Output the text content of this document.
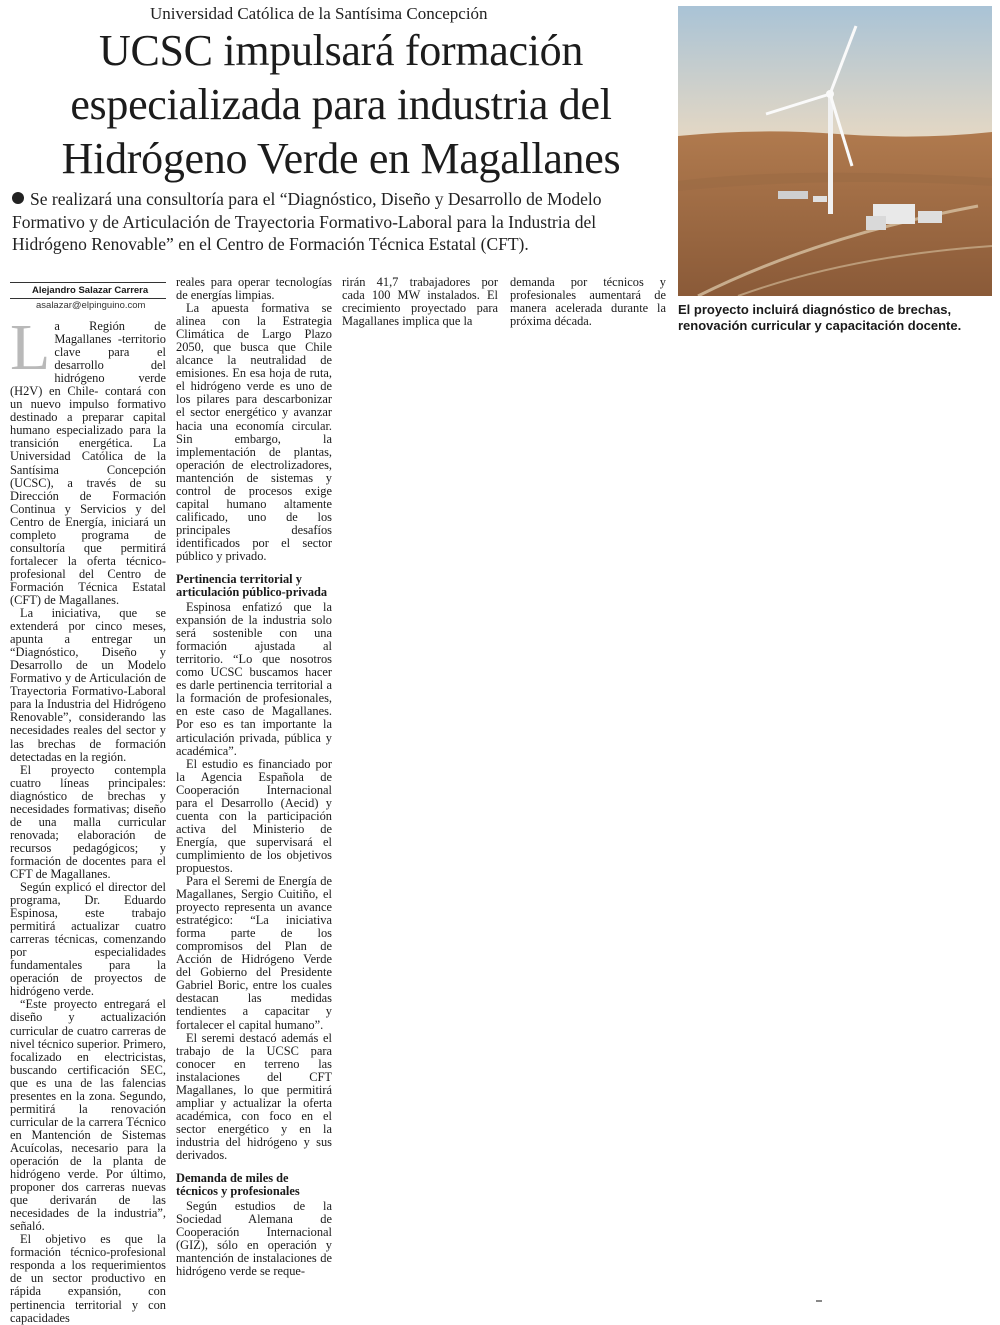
Universidad Católica de la Santísima Concepción
UCSC impulsará formación especializada para industria del Hidrógeno Verde en Magallanes
Se realizará una consultoría para el “Diagnóstico, Diseño y Desarrollo de Modelo Formativo y de Articulación de Trayectoria Formativo-Laboral para la Industria del Hidrógeno Renovable” en el Centro de Formación Técnica Estatal (CFT).
El proyecto incluirá diagnóstico de brechas, renovación curricular y capacitación docente.
Alejandro Salazar Carrera
asalazar@elpinguino.com
L a Región de Magallanes -territorio clave para el desarrollo del hidrógeno verde (H2V) en Chile- contará con un nuevo impulso formativo destinado a preparar capital humano especializado para la transición energética. La Universidad Católica de la Santísima Concepción (UCSC), a través de su Dirección de Formación Continua y Servicios y del Centro de Energía, iniciará un completo programa de consultoría que permitirá fortalecer la oferta técnico-profesional del Centro de Formación Técnica Estatal (CFT) de Magallanes.

La iniciativa, que se extenderá por cinco meses, apunta a entregar un “Diagnóstico, Diseño y Desarrollo de un Modelo Formativo y de Articulación de Trayectoria Formativo-Laboral para la Industria del Hidrógeno Renovable”, considerando las necesidades reales del sector y las brechas de formación detectadas en la región.

El proyecto contempla cuatro líneas principales: diagnóstico de brechas y necesidades formativas; diseño de una malla curricular renovada; elaboración de recursos pedagógicos; y formación de docentes para el CFT de Magallanes.

Según explicó el director del programa, Dr. Eduardo Espinosa, este trabajo permitirá actualizar cuatro carreras técnicas, comenzando por especialidades fundamentales para la operación de proyectos de hidrógeno verde.

“Este proyecto entregará el diseño y actualización curricular de cuatro carreras de nivel técnico superior. Primero, focalizado en electricistas, buscando certificación SEC, que es una de las falencias presentes en la zona. Segundo, permitirá la renovación curricular de la carrera Técnico en Mantención de Sistemas Acuícolas, necesario para la operación de la planta de hidrógeno verde. Por último, proponer dos carreras nuevas que derivarán de las necesidades de la industria”, señaló.

El objetivo es que la formación técnico-profesional responda a los requerimientos de un sector productivo en rápida expansión, con pertinencia territorial y con capacidades

reales para operar tecnologías de energías limpias.

La apuesta formativa se alinea con la Estrategia Climática de Largo Plazo 2050, que busca que Chile alcance la neutralidad de emisiones. En esa hoja de ruta, el hidrógeno verde es uno de los pilares para descarbonizar el sector energético y avanzar hacia una economía circular. Sin embargo, la implementación de plantas, operación de electrolizadores, mantención de sistemas y control de procesos exige capital humano altamente calificado, uno de los principales desafíos identificados por el sector público y privado.

Pertinencia territorial y articulación público-privada

Espinosa enfatizó que la expansión de la industria solo será sostenible con una formación ajustada al territorio. “Lo que nosotros como UCSC buscamos hacer es darle pertinencia territorial a la formación de profesionales, en este caso de Magallanes. Por eso es tan importante la articulación privada, pública y académica”.

El estudio es financiado por la Agencia Española de Cooperación Internacional para el Desarrollo (Aecid) y cuenta con la participación activa del Ministerio de Energía, que supervisará el cumplimiento de los objetivos propuestos.

Para el Seremi de Energía de Magallanes, Sergio Cuitiño, el proyecto representa un avance estratégico: “La iniciativa forma parte de los compromisos del Plan de Acción de Hidrógeno Verde del Gobierno del Presidente Gabriel Boric, entre los cuales destacan las medidas tendientes a capacitar y fortalecer el capital humano”.

El seremi destacó además el trabajo de la UCSC para conocer en terreno las instalaciones del CFT Magallanes, lo que permitirá ampliar y actualizar la oferta académica, con foco en el sector energético y en la industria del hidrógeno y sus derivados.

Demanda de miles de técnicos y profesionales

Según estudios de la Sociedad Alemana de Cooperación Internacional (GIZ), sólo en operación y mantención de instalaciones de hidrógeno verde se reque-

rirán 41,7 trabajadores por cada 100 MW instalados. El crecimiento proyectado para Magallanes implica que la

demanda por técnicos y profesionales aumentará de manera acelerada durante la próxima década.
